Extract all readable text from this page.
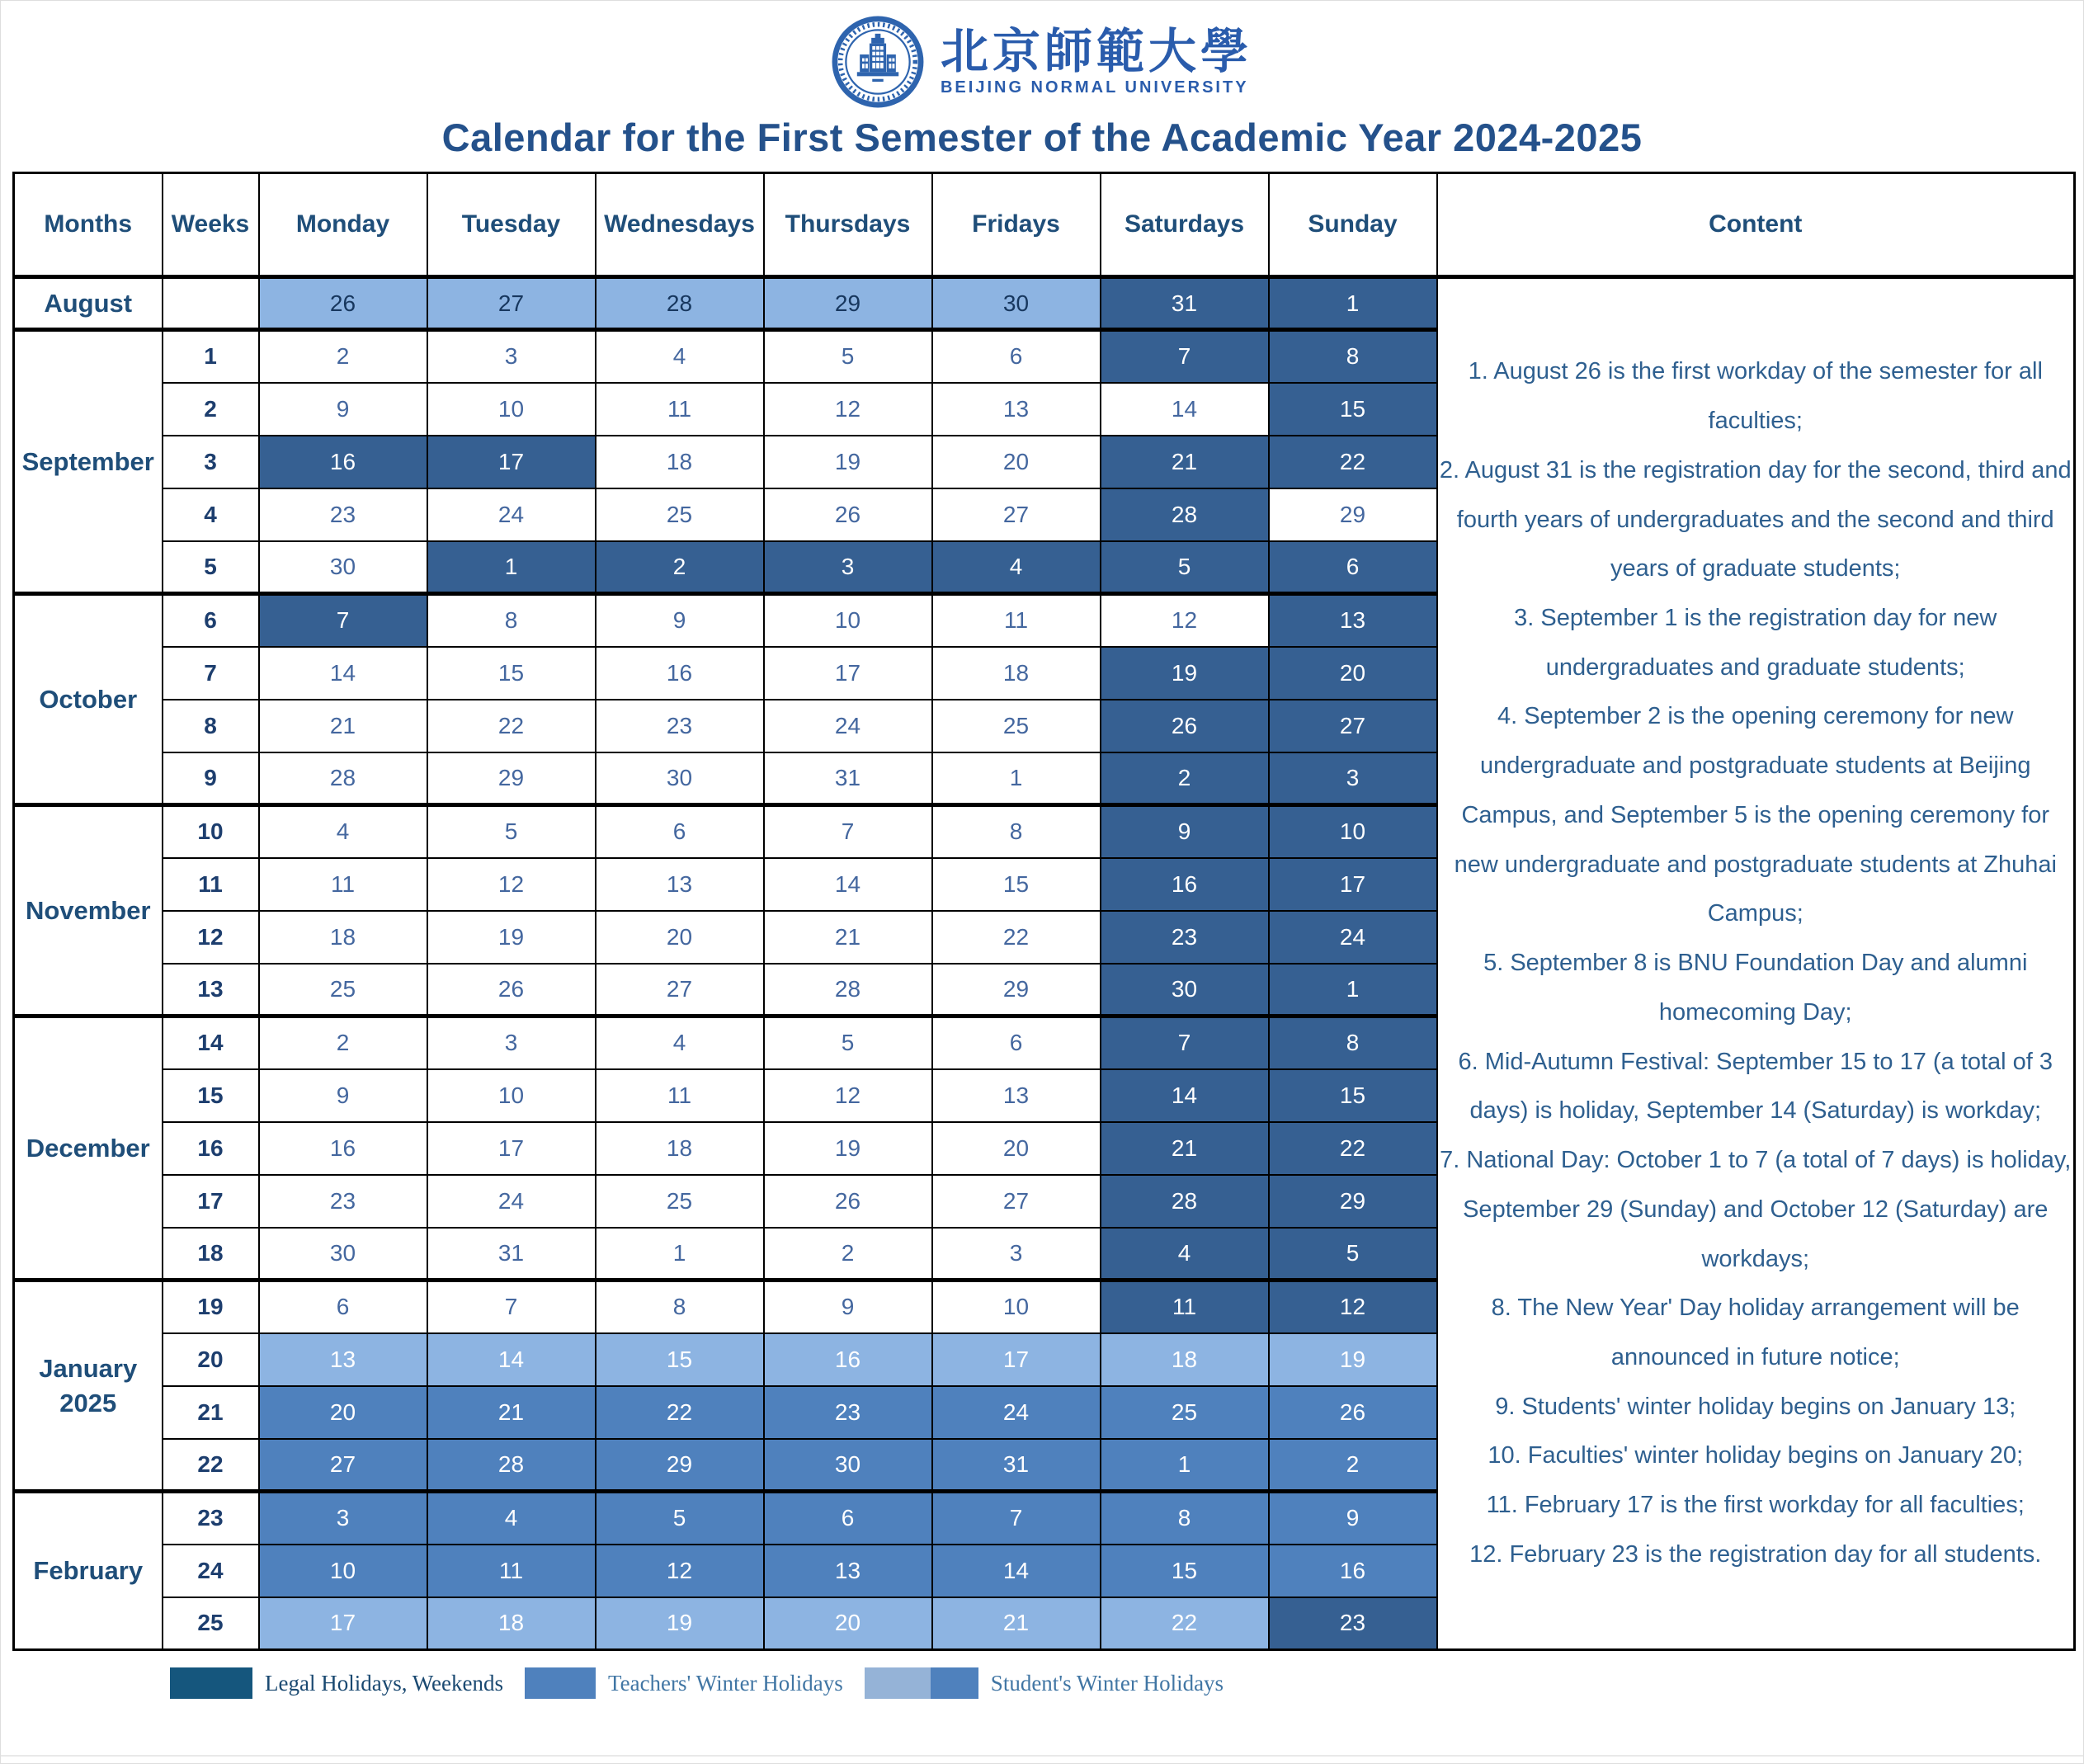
北京師範大學
BEIJING NORMAL UNIVERSITY
Calendar for the First Semester of the Academic Year 2024-2025
Months	Weeks	Monday	Tuesday	Wednesdays	Thursdays	Fridays	Saturdays	Sunday	Content

August		26	27	28	29	30	31	1	
1. August 26 is the first workday of the semester for all faculties;
2. August 31 is the registration day for the second, third and fourth years of undergraduates and the second and third years of graduate students;
3. September 1 is the registration day for new undergraduates and graduate students;
4. September 2 is the opening ceremony for new undergraduate and postgraduate students at Beijing Campus, and September 5 is the opening ceremony for new undergraduate and postgraduate students at Zhuhai Campus;
5. September 8 is BNU Foundation Day and alumni homecoming Day;
6. Mid-Autumn Festival: September 15 to 17 (a total of 3 days) is holiday, September 14 (Saturday) is workday;
7. National Day: October 1 to 7 (a total of 7 days) is holiday, September 29 (Sunday) and October 12 (Saturday) are workdays;
8. The New Year' Day holiday arrangement will be announced in future notice;
9. Students' winter holiday begins on January 13;
10. Faculties' winter holiday begins on January 20;
11. February 17 is the first workday for all faculties;
12. February 23 is the registration day for all students.

September	1	2	3	4	5	6	7	8	
	2	9	10	11	12	13	14	15	
	3	16	17	18	19	20	21	22	
	4	23	24	25	26	27	28	29	
	5	30	1	2	3	4	5	6	

October	6	7	8	9	10	11	12	13	
	7	14	15	16	17	18	19	20	
	8	21	22	23	24	25	26	27	
	9	28	29	30	31	1	2	3	

November	10	4	5	6	7	8	9	10	
	11	11	12	13	14	15	16	17	
	12	18	19	20	21	22	23	24	
	13	25	26	27	28	29	30	1	

December	14	2	3	4	5	6	7	8	
	15	9	10	11	12	13	14	15	
	16	16	17	18	19	20	21	22	
	17	23	24	25	26	27	28	29	
	18	30	31	1	2	3	4	5	

January
2025	19	6	7	8	9	10	11	12	
	20	13	14	15	16	17	18	19	
	21	20	21	22	23	24	25	26	
	22	27	28	29	30	31	1	2	

February	23	3	4	5	6	7	8	9	
	24	10	11	12	13	14	15	16	
	25	17	18	19	20	21	22	23	
Legal Holidays, Weekends	Teachers' Winter Holidays	Student's Winter Holidays
